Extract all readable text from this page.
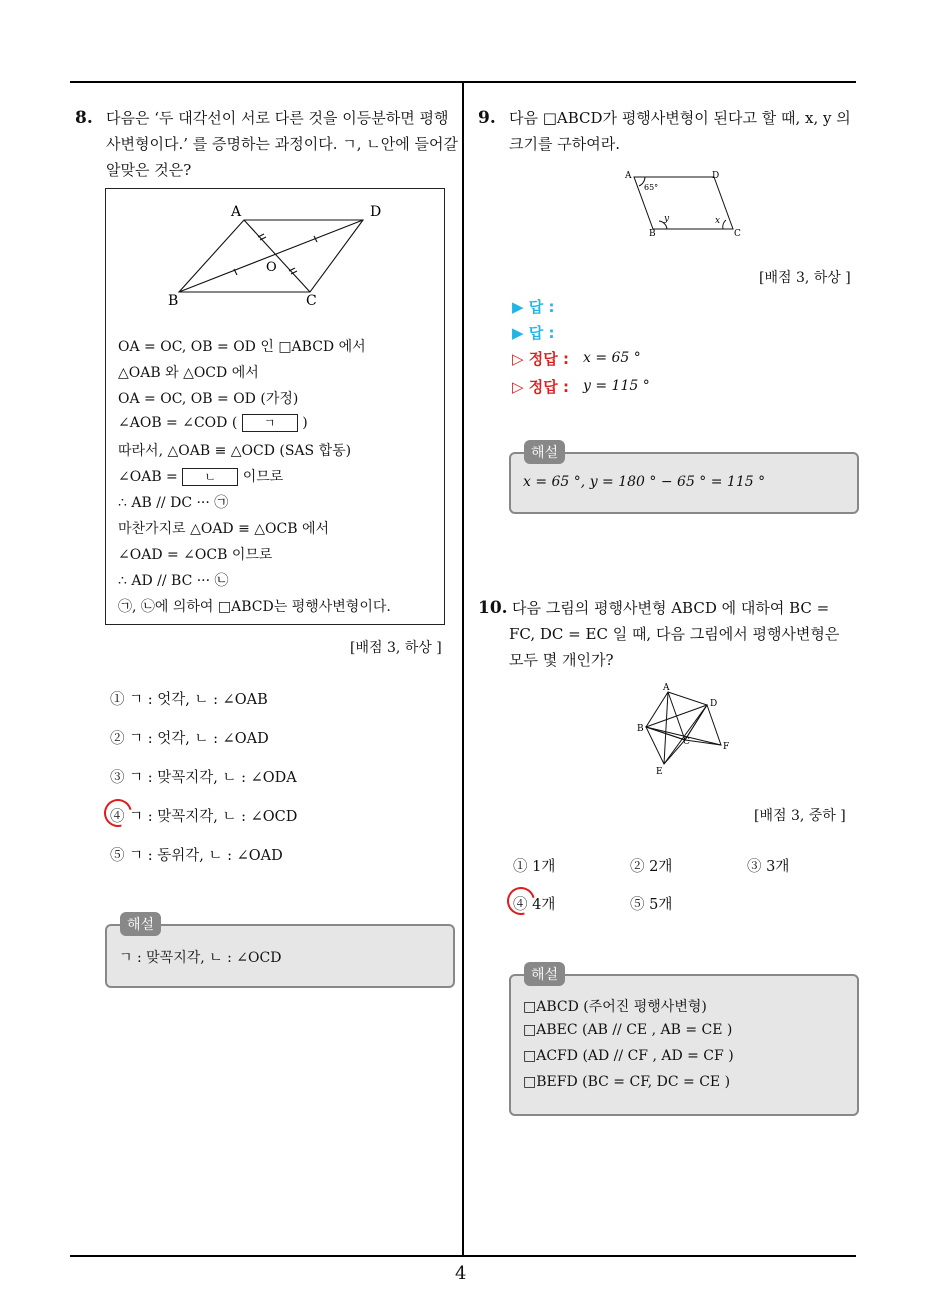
4
8. 다음은 ‘두 대각선이 서로 다른 것을 이등분하면 평행
사변형이다.’ 를 증명하는 과정이다. ㄱ, ㄴ안에 들어갈
알맞은 것은?
A	D
O
B	C
OA = OC, OB = OD 인 □ABCD 에서
△OAB 와 △OCD 에서
OA = OC, OB = OD (가정)
∠AOB = ∠COD ( ㄱ )
따라서, △OAB ≡ △OCD (SAS 합동)
∠OAB = ㄴ 이므로
∴ AB // DC ··· ㉠
마찬가지로 △OAD ≡ △OCB 에서
∠OAD = ∠OCB 이므로
∴ AD // BC ··· ㉡
㉠, ㉡에 의하여 □ABCD는 평행사변형이다.
[배점 3, 하상 ]
① ㄱ : 엇각, ㄴ : ∠OAB
② ㄱ : 엇각, ㄴ : ∠OAD
③ ㄱ : 맞꼭지각, ㄴ : ∠ODA
④ ㄱ : 맞꼭지각, ㄴ : ∠OCD
⑤ ㄱ : 동위각, ㄴ : ∠OAD
ㄱ : 맞꼭지각, ㄴ : ∠OCD
해설
9. 다음 □ABCD가 평행사변형이 된다고 할 때, x, y 의
크기를 구하여라.
A	D
B	C
65°
y	x
[배점 3, 하상 ]
▶ 답 :
▶ 답 :
▷ 정답 : x = 65 °
▷ 정답 : y = 115 °
x = 65 °, y = 180 ° − 65 ° = 115 °
해설
10. 다음 그림의 평행사변형 ABCD 에 대하여 BC =
FC, DC = EC 일 때, 다음 그림에서 평행사변형은
모두 몇 개인가?
A
D
B
C	F
E
[배점 3, 중하 ]
① 1개	② 2개	③ 3개
④ 4개	⑤ 5개
□ABCD (주어진 평행사변형)
□ABEC (AB // CE , AB = CE )
□ACFD (AD // CF , AD = CF )
□BEFD (BC = CF, DC = CE )
해설
